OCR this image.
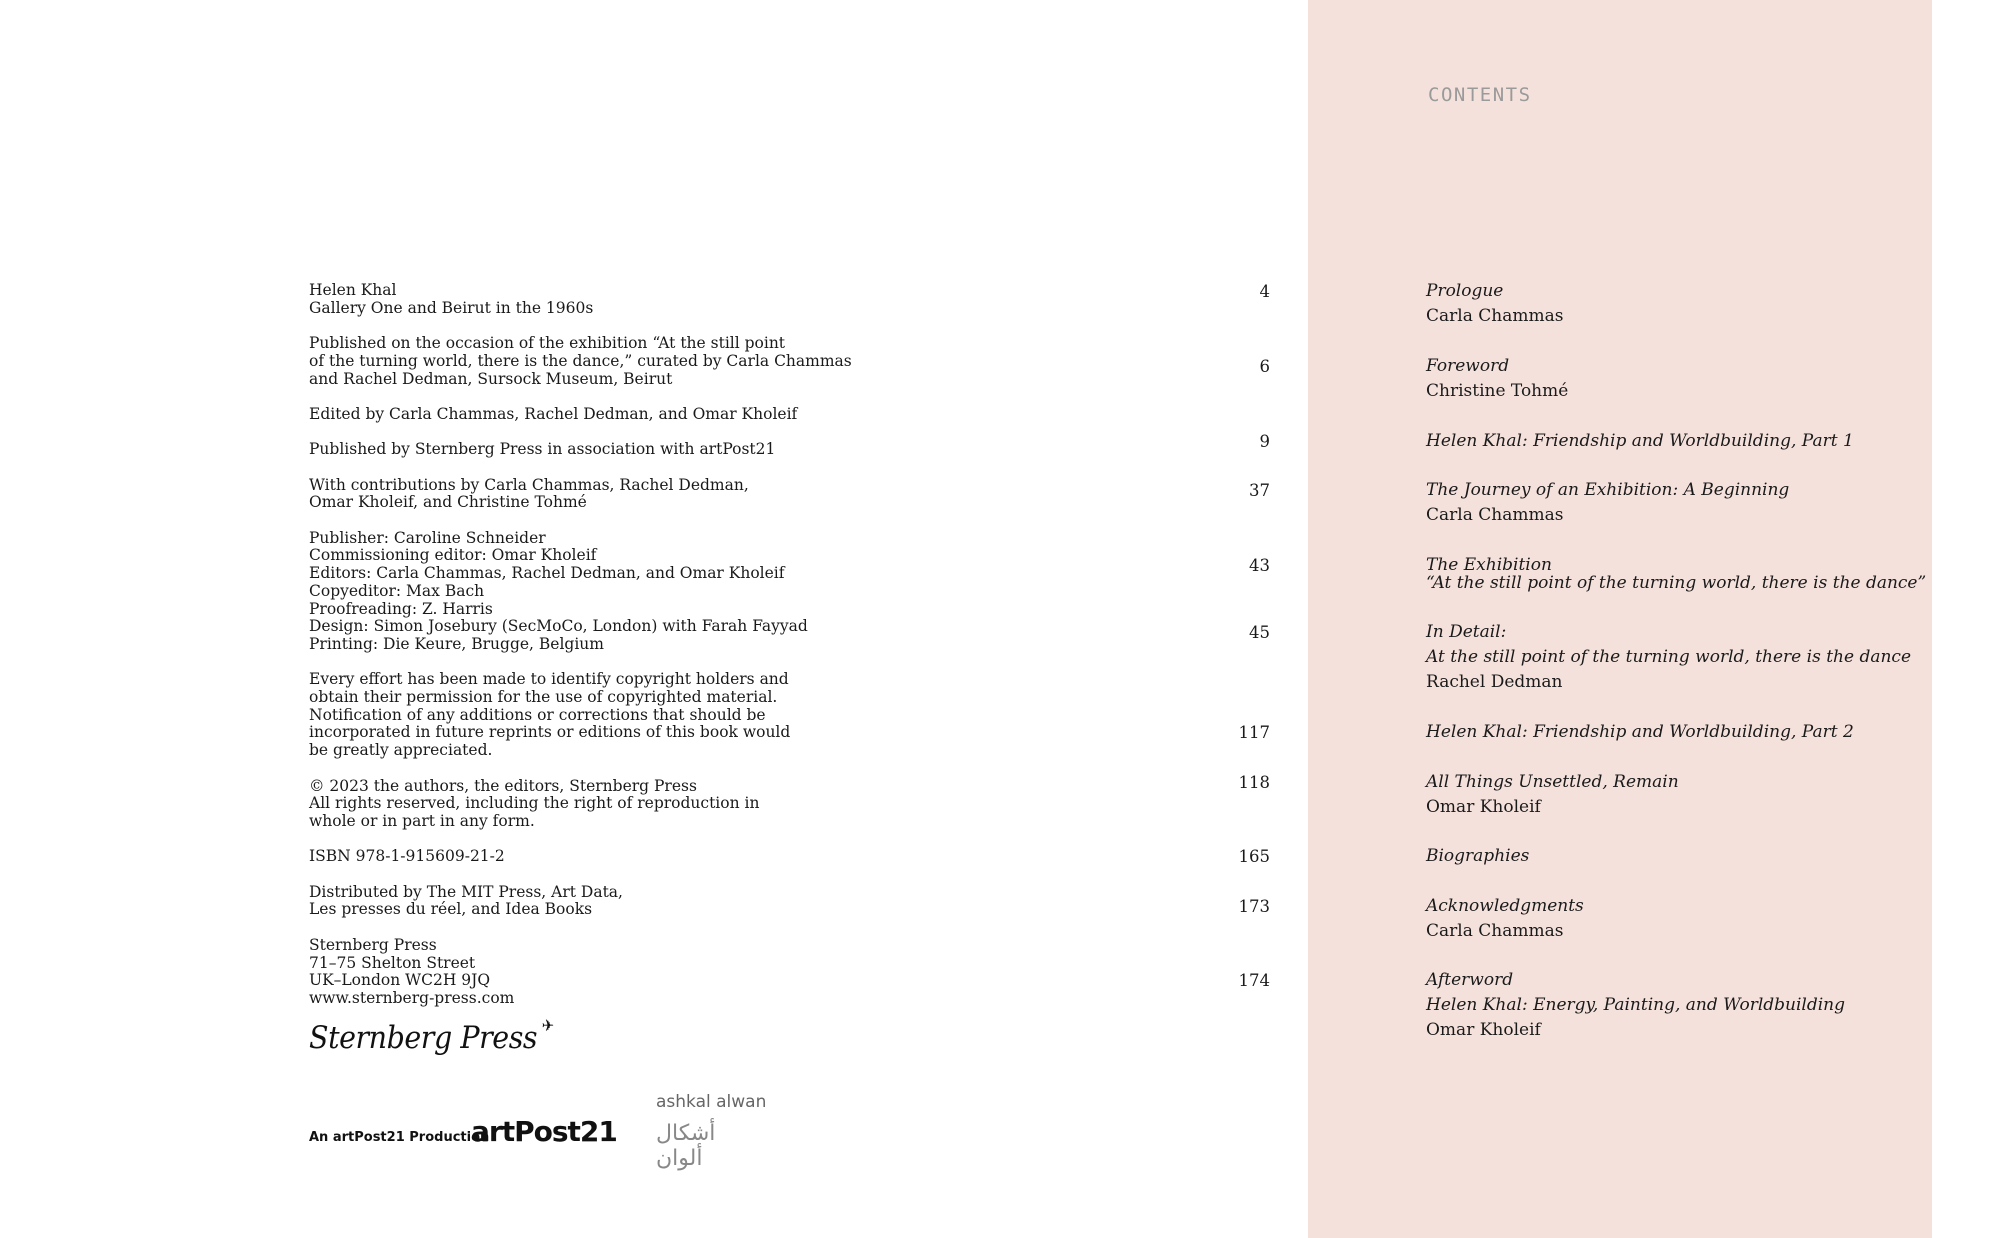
Helen Khal
Gallery One and Beirut in the 1960s
Published on the occasion of the exhibition “At the still point
of the turning world, there is the dance,” curated by Carla Chammas
and Rachel Dedman, Sursock Museum, Beirut
Edited by Carla Chammas, Rachel Dedman, and Omar Kholeif
Published by Sternberg Press in association with artPost21
With contributions by Carla Chammas, Rachel Dedman,
Omar Kholeif, and Christine Tohmé
Publisher: Caroline Schneider
Commissioning editor: Omar Kholeif
Editors: Carla Chammas, Rachel Dedman, and Omar Kholeif
Copyeditor: Max Bach
Proofreading: Z. Harris
Design: Simon Josebury (SecMoCo, London) with Farah Fayyad
Printing: Die Keure, Brugge, Belgium
Every effort has been made to identify copyright holders and
obtain their permission for the use of copyrighted material.
Notification of any additions or corrections that should be
incorporated in future reprints or editions of this book would
be greatly appreciated.
© 2023 the authors, the editors, Sternberg Press
All rights reserved, including the right of reproduction in
whole or in part in any form.
ISBN 978-1-915609-21-2
Distributed by The MIT Press, Art Data,
Les presses du réel, and Idea Books
Sternberg Press
71–75 Shelton Street
UK–London WC2H 9JQ
www.sternberg-press.com
Sternberg Press ✈
An artPost21 Production
artPost21
ashkal alwan
أشكال ألوان
4
6
9
37
43
45
117
118
165
173
174
CONTENTS
Prologue
Carla Chammas
Foreword
Christine Tohmé
Helen Khal: Friendship and Worldbuilding, Part 1
The Journey of an Exhibition: A Beginning
Carla Chammas
The Exhibition
“At the still point of the turning world, there is the dance”
In Detail:
At the still point of the turning world, there is the dance
Rachel Dedman
Helen Khal: Friendship and Worldbuilding, Part 2
All Things Unsettled, Remain
Omar Kholeif
Biographies
Acknowledgments
Carla Chammas
Afterword
Helen Khal: Energy, Painting, and Worldbuilding
Omar Kholeif
